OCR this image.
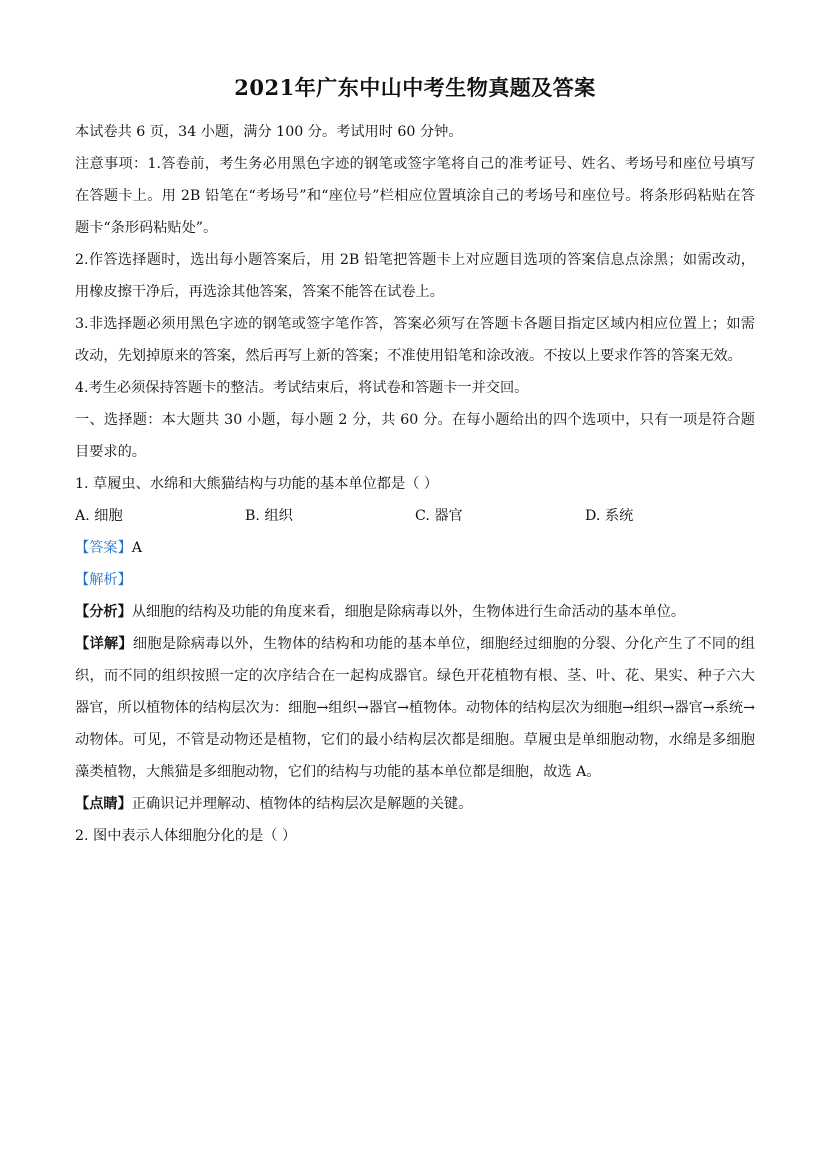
2021年广东中山中考生物真题及答案

本试卷共 6 页，34 小题，满分 100 分。考试用时 60 分钟。

注意事项：1.答卷前，考生务必用黑色字迹的钢笔或签字笔将自己的准考证号、姓名、考场号和座位号填写在答题卡上。用 2B 铅笔在“考场号”和“座位号”栏相应位置填涂自己的考场号和座位号。将条形码粘贴在答题卡“条形码粘贴处”。

2.作答选择题时，选出每小题答案后，用 2B 铅笔把答题卡上对应题目选项的答案信息点涂黑；如需改动，用橡皮擦干净后，再选涂其他答案，答案不能答在试卷上。

3.非选择题必须用黑色字迹的钢笔或签字笔作答，答案必须写在答题卡各题目指定区域内相应位置上；如需改动，先划掉原来的答案，然后再写上新的答案；不准使用铅笔和涂改液。不按以上要求作答的答案无效。

4.考生必须保持答题卡的整洁。考试结束后，将试卷和答题卡一并交回。

一、选择题：本大题共 30 小题，每小题 2 分，共 60 分。在每小题给出的四个选项中，只有一项是符合题目要求的。

1. 草履虫、水绵和大熊猫结构与功能的基本单位都是（ ）

A. 细胞	B. 组织	C. 器官	D. 系统

【答案】A

【解析】

【分析】从细胞的结构及功能的角度来看，细胞是除病毒以外，生物体进行生命活动的基本单位。

【详解】细胞是除病毒以外，生物体的结构和功能的基本单位，细胞经过细胞的分裂、分化产生了不同的组织，而不同的组织按照一定的次序结合在一起构成器官。绿色开花植物有根、茎、叶、花、果实、种子六大器官，所以植物体的结构层次为：细胞→组织→器官→植物体。动物体的结构层次为细胞→组织→器官→系统→动物体。可见，不管是动物还是植物，它们的最小结构层次都是细胞。草履虫是单细胞动物，水绵是多细胞藻类植物，大熊猫是多细胞动物，它们的结构与功能的基本单位都是细胞，故选 A。

【点睛】正确识记并理解动、植物体的结构层次是解题的关键。

2. 图中表示人体细胞分化的是（ ）
